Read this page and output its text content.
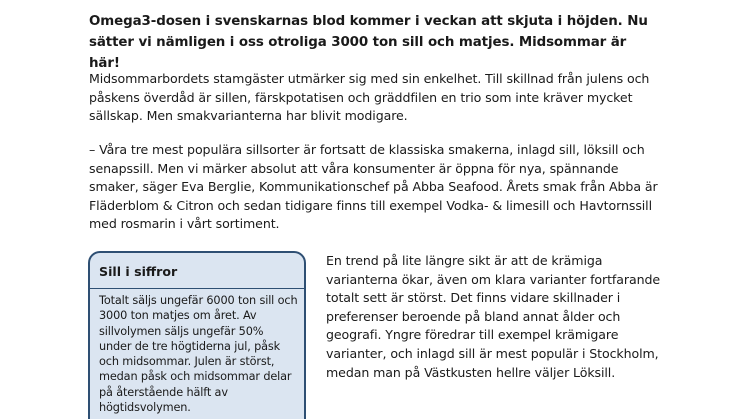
Omega3-dosen i svenskarnas blod kommer i veckan att skjuta i höjden. Nu sätter vi nämligen i oss otroliga 3000 ton sill och matjes. Midsommar är här!

Midsommarbordets stamgäster utmärker sig med sin enkelhet. Till skillnad från julens och påskens överdåd är sillen, färskpotatisen och gräddfilen en trio som inte kräver mycket sällskap. Men smakvarianterna har blivit modigare.

– Våra tre mest populära sillsorter är fortsatt de klassiska smakerna, inlagd sill, löksill och senapssill. Men vi märker absolut att våra konsumenter är öppna för nya, spännande smaker, säger Eva Berglie, Kommunikationschef på Abba Seafood. Årets smak från Abba är Fläderblom & Citron och sedan tidigare finns till exempel Vodka- & limesill och Havtornssill med rosmarin i vårt sortiment.

Sill i siffror

Totalt säljs ungefär 6000 ton sill och 3000 ton matjes om året. Av sillvolymen säljs ungefär 50% under de tre högtiderna jul, påsk och midsommar. Julen är störst, medan påsk och midsommar delar på återstående hälft av högtidsvolymen.

En trend på lite längre sikt är att de krämiga varianterna ökar, även om klara varianter fortfarande totalt sett är störst. Det finns vidare skillnader i preferenser beroende på bland annat ålder och geografi. Yngre föredrar till exempel krämigare varianter, och inlagd sill är mest populär i Stockholm, medan man på Västkusten hellre väljer Löksill.
